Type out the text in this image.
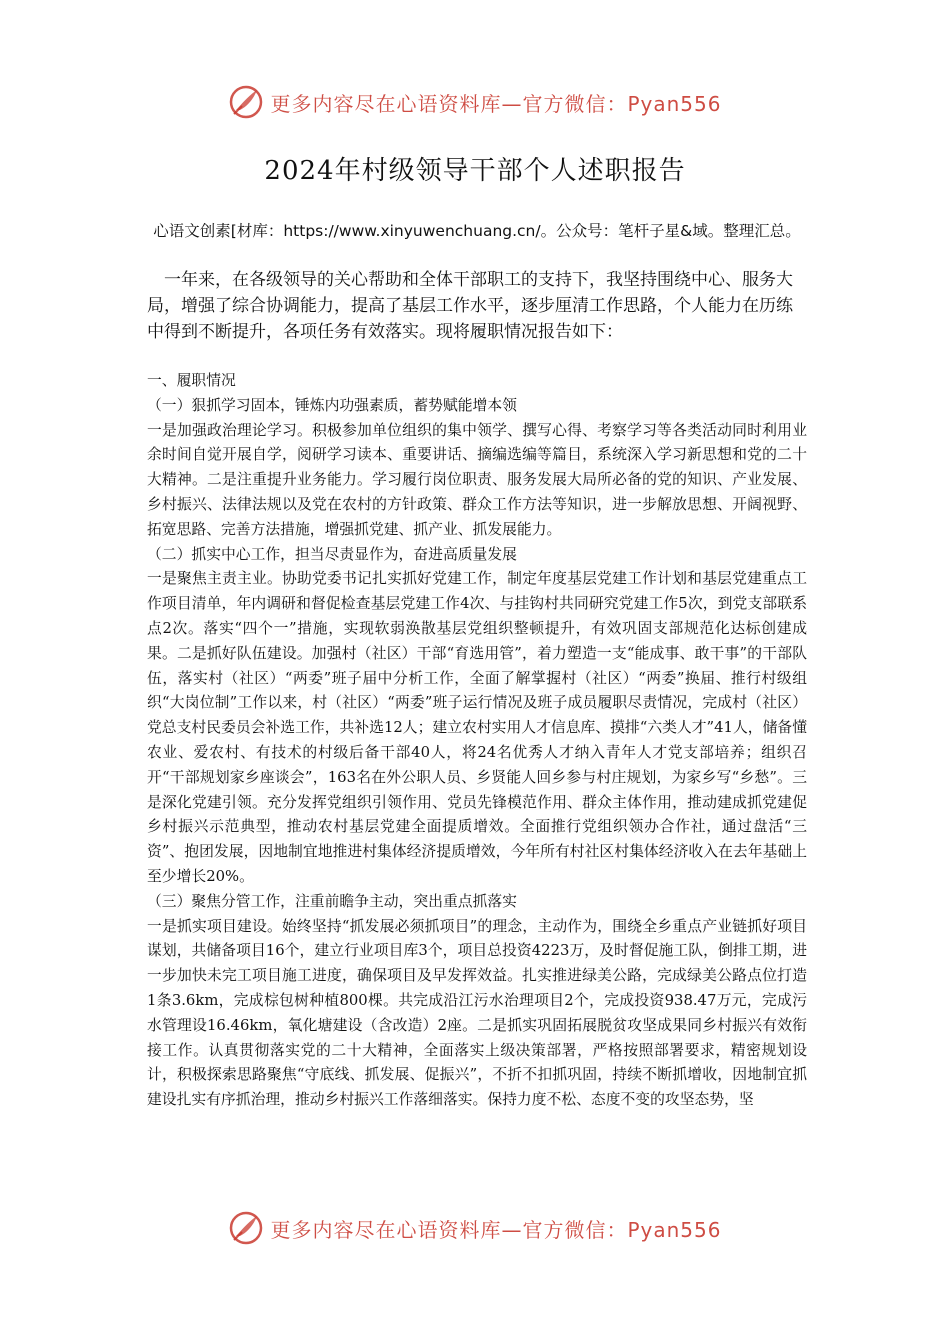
更多内容尽在心语资料库—官方微信：Pyan556
2024年村级领导干部个人述职报告
心语文创素[材库：https://www.xinyuwenchuang.cn/。公众号：笔杆子星&域。整理汇总。
一年来，在各级领导的关心帮助和全体干部职工的支持下，我坚持围绕中心、服务大局，增强了综合协调能力，提高了基层工作水平，逐步厘清工作思路，个人能力在历练中得到不断提升，各项任务有效落实。现将履职情况报告如下：

一、履职情况

（一）狠抓学习固本，锤炼内功强素质，蓄势赋能增本领

一是加强政治理论学习。积极参加单位组织的集中领学、撰写心得、考察学习等各类活动同时利用业余时间自觉开展自学，阅研学习读本、重要讲话、摘编选编等篇目，系统深入学习新思想和党的二十大精神。二是注重提升业务能力。学习履行岗位职责、服务发展大局所必备的党的知识、产业发展、乡村振兴、法律法规以及党在农村的方针政策、群众工作方法等知识，进一步解放思想、开阔视野、拓宽思路、完善方法措施，增强抓党建、抓产业、抓发展能力。

（二）抓实中心工作，担当尽责显作为，奋进高质量发展

一是聚焦主责主业。协助党委书记扎实抓好党建工作，制定年度基层党建工作计划和基层党建重点工作项目清单，年内调研和督促检查基层党建工作4次、与挂钩村共同研究党建工作5次，到党支部联系点2次。落实“四个一”措施，实现软弱涣散基层党组织整顿提升，有效巩固支部规范化达标创建成果。二是抓好队伍建设。加强村（社区）干部“育选用管”，着力塑造一支“能成事、敢干事”的干部队伍，落实村（社区）“两委”班子届中分析工作，全面了解掌握村（社区）“两委”换届、推行村级组织“大岗位制”工作以来，村（社区）“两委”班子运行情况及班子成员履职尽责情况，完成村（社区）党总支村民委员会补选工作，共补选12人；建立农村实用人才信息库、摸排“六类人才”41人，储备懂农业、爱农村、有技术的村级后备干部40人，将24名优秀人才纳入青年人才党支部培养；组织召开“干部规划家乡座谈会”，163名在外公职人员、乡贤能人回乡参与村庄规划，为家乡写“乡愁”。三是深化党建引领。充分发挥党组织引领作用、党员先锋模范作用、群众主体作用，推动建成抓党建促乡村振兴示范典型，推动农村基层党建全面提质增效。全面推行党组织领办合作社，通过盘活“三资”、抱团发展，因地制宜地推进村集体经济提质增效，今年所有村社区村集体经济收入在去年基础上至少增长20%。

（三）聚焦分管工作，注重前瞻争主动，突出重点抓落实

一是抓实项目建设。始终坚持“抓发展必须抓项目”的理念，主动作为，围绕全乡重点产业链抓好项目谋划，共储备项目16个，建立行业项目库3个，项目总投资4223万，及时督促施工队，倒排工期，进一步加快未完工项目施工进度，确保项目及早发挥效益。扎实推进绿美公路，完成绿美公路点位打造1条3.6km，完成棕包树种植800棵。共完成沿江污水治理项目2个，完成投资938.47万元，完成污水管理设16.46km，氧化塘建设（含改造）2座。二是抓实巩固拓展脱贫攻坚成果同乡村振兴有效衔接工作。认真贯彻落实党的二十大精神，全面落实上级决策部署，严格按照部署要求，精密规划设计，积极探索思路聚焦“守底线、抓发展、促振兴”，不折不扣抓巩固，持续不断抓增收，因地制宜抓建设扎实有序抓治理，推动乡村振兴工作落细落实。保持力度不松、态度不变的攻坚态势，坚

更多内容尽在心语资料库—官方微信：Pyan556
